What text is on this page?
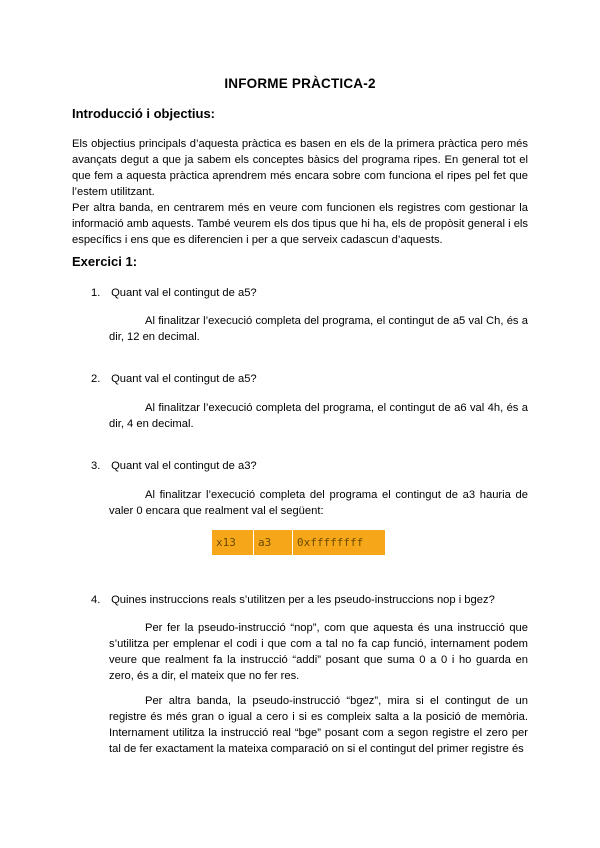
INFORME PRÀCTICA-2
Introducció i objectius:
Els objectius principals d’aquesta pràctica es basen en els de la primera pràctica pero més avançats degut a que ja sabem els conceptes bàsics del programa ripes. En general tot el que fem a aquesta pràctica aprendrem més encara sobre com funciona el ripes pel fet que l’estem utilitzant.
Per altra banda, en centrarem més en veure com funcionen els registres com gestionar la informació amb aquests. També veurem els dos tipus que hi ha, els de propòsit general i els específics i ens que es diferencien i per a que serveix cadascun d’aquests.
Exercici 1:
1. Quant val el contingut de a5?
Al finalitzar l’execució completa del programa, el contingut de a5 val Ch, és a dir, 12 en decimal.
2. Quant val el contingut de a5?
Al finalitzar l’execució completa del programa, el contingut de a6 val 4h, és a dir, 4 en decimal.
3. Quant val el contingut de a3?
Al finalitzar l’execució completa del programa el contingut de a3 hauria de valer 0 encara que realment val el següent:
x13	a3	0xffffffff
4. Quines instruccions reals s’utilitzen per a les pseudo-instruccions nop i bgez?
Per fer la pseudo-instrucció “nop”, com que aquesta és una instrucció que s’utilitza per emplenar el codi i que com a tal no fa cap funció, internament podem veure que realment fa la instrucció “addi” posant que suma 0 a 0 i ho guarda en zero, és a dir, el mateix que no fer res.
Per altra banda, la pseudo-instrucció “bgez”, mira si el contingut de un registre és més gran o igual a cero i si es compleix salta a la posició de memòria. Internament utilitza la instrucció real “bge” posant com a segon registre el zero per tal de fer exactament la mateixa comparació on si el contingut del primer registre és
